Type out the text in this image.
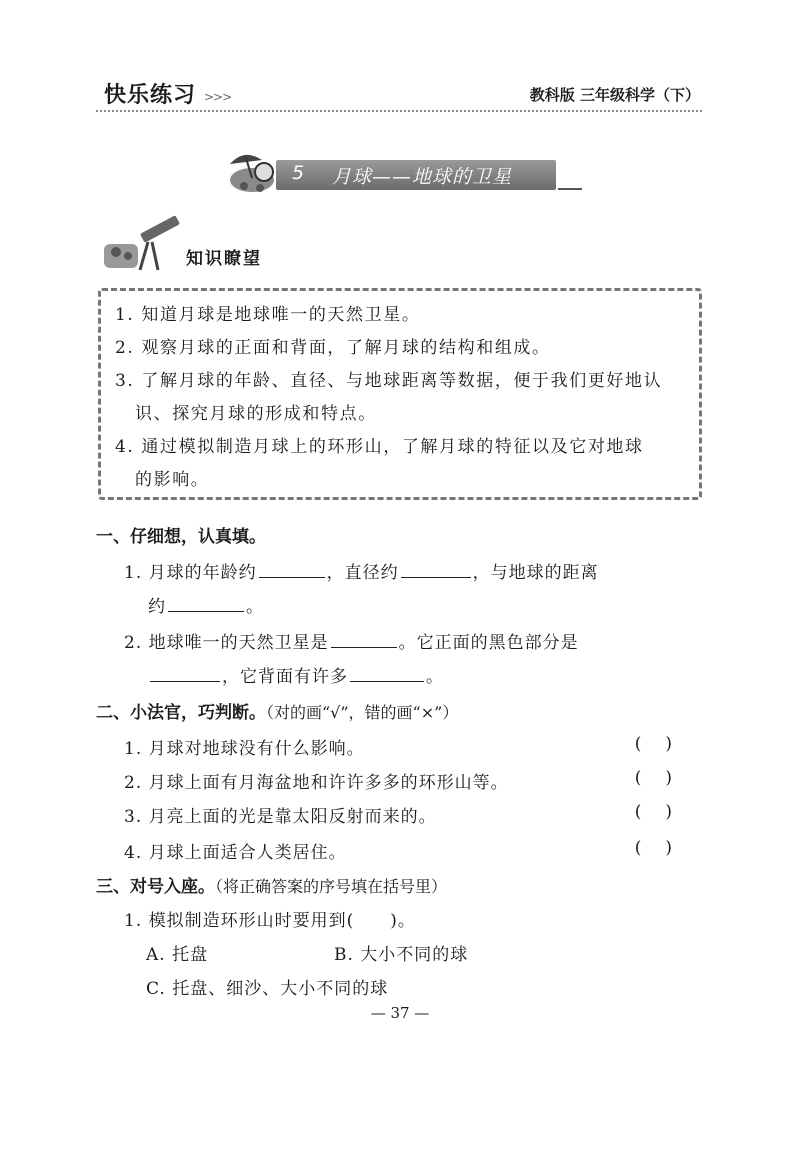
快乐练习 >>>	教科版 三年级科学（下）
5 月球——地球的卫星
知识瞭望
1. 知道月球是地球唯一的天然卫星。
2. 观察月球的正面和背面，了解月球的结构和组成。
3. 了解月球的年龄、直径、与地球距离等数据，便于我们更好地认
识、探究月球的形成和特点。
4. 通过模拟制造月球上的环形山，了解月球的特征以及它对地球
的影响。
一、仔细想，认真填。
1. 月球的年龄约	，直径约	，与地球的距离
约	。
2. 地球唯一的天然卫星是	。它正面的黑色部分是
，它背面有许多	。
二、小法官，巧判断。（对的画“√”，错的画“×”）
1. 月球对地球没有什么影响。	()
2. 月球上面有月海盆地和许许多多的环形山等。	()
3. 月亮上面的光是靠太阳反射而来的。	()
4. 月球上面适合人类居住。	()
三、对号入座。（将正确答案的序号填在括号里）
1. 模拟制造环形山时要用到(　　)。
A. 托盘	B. 大小不同的球
C. 托盘、细沙、大小不同的球
— 37 —
